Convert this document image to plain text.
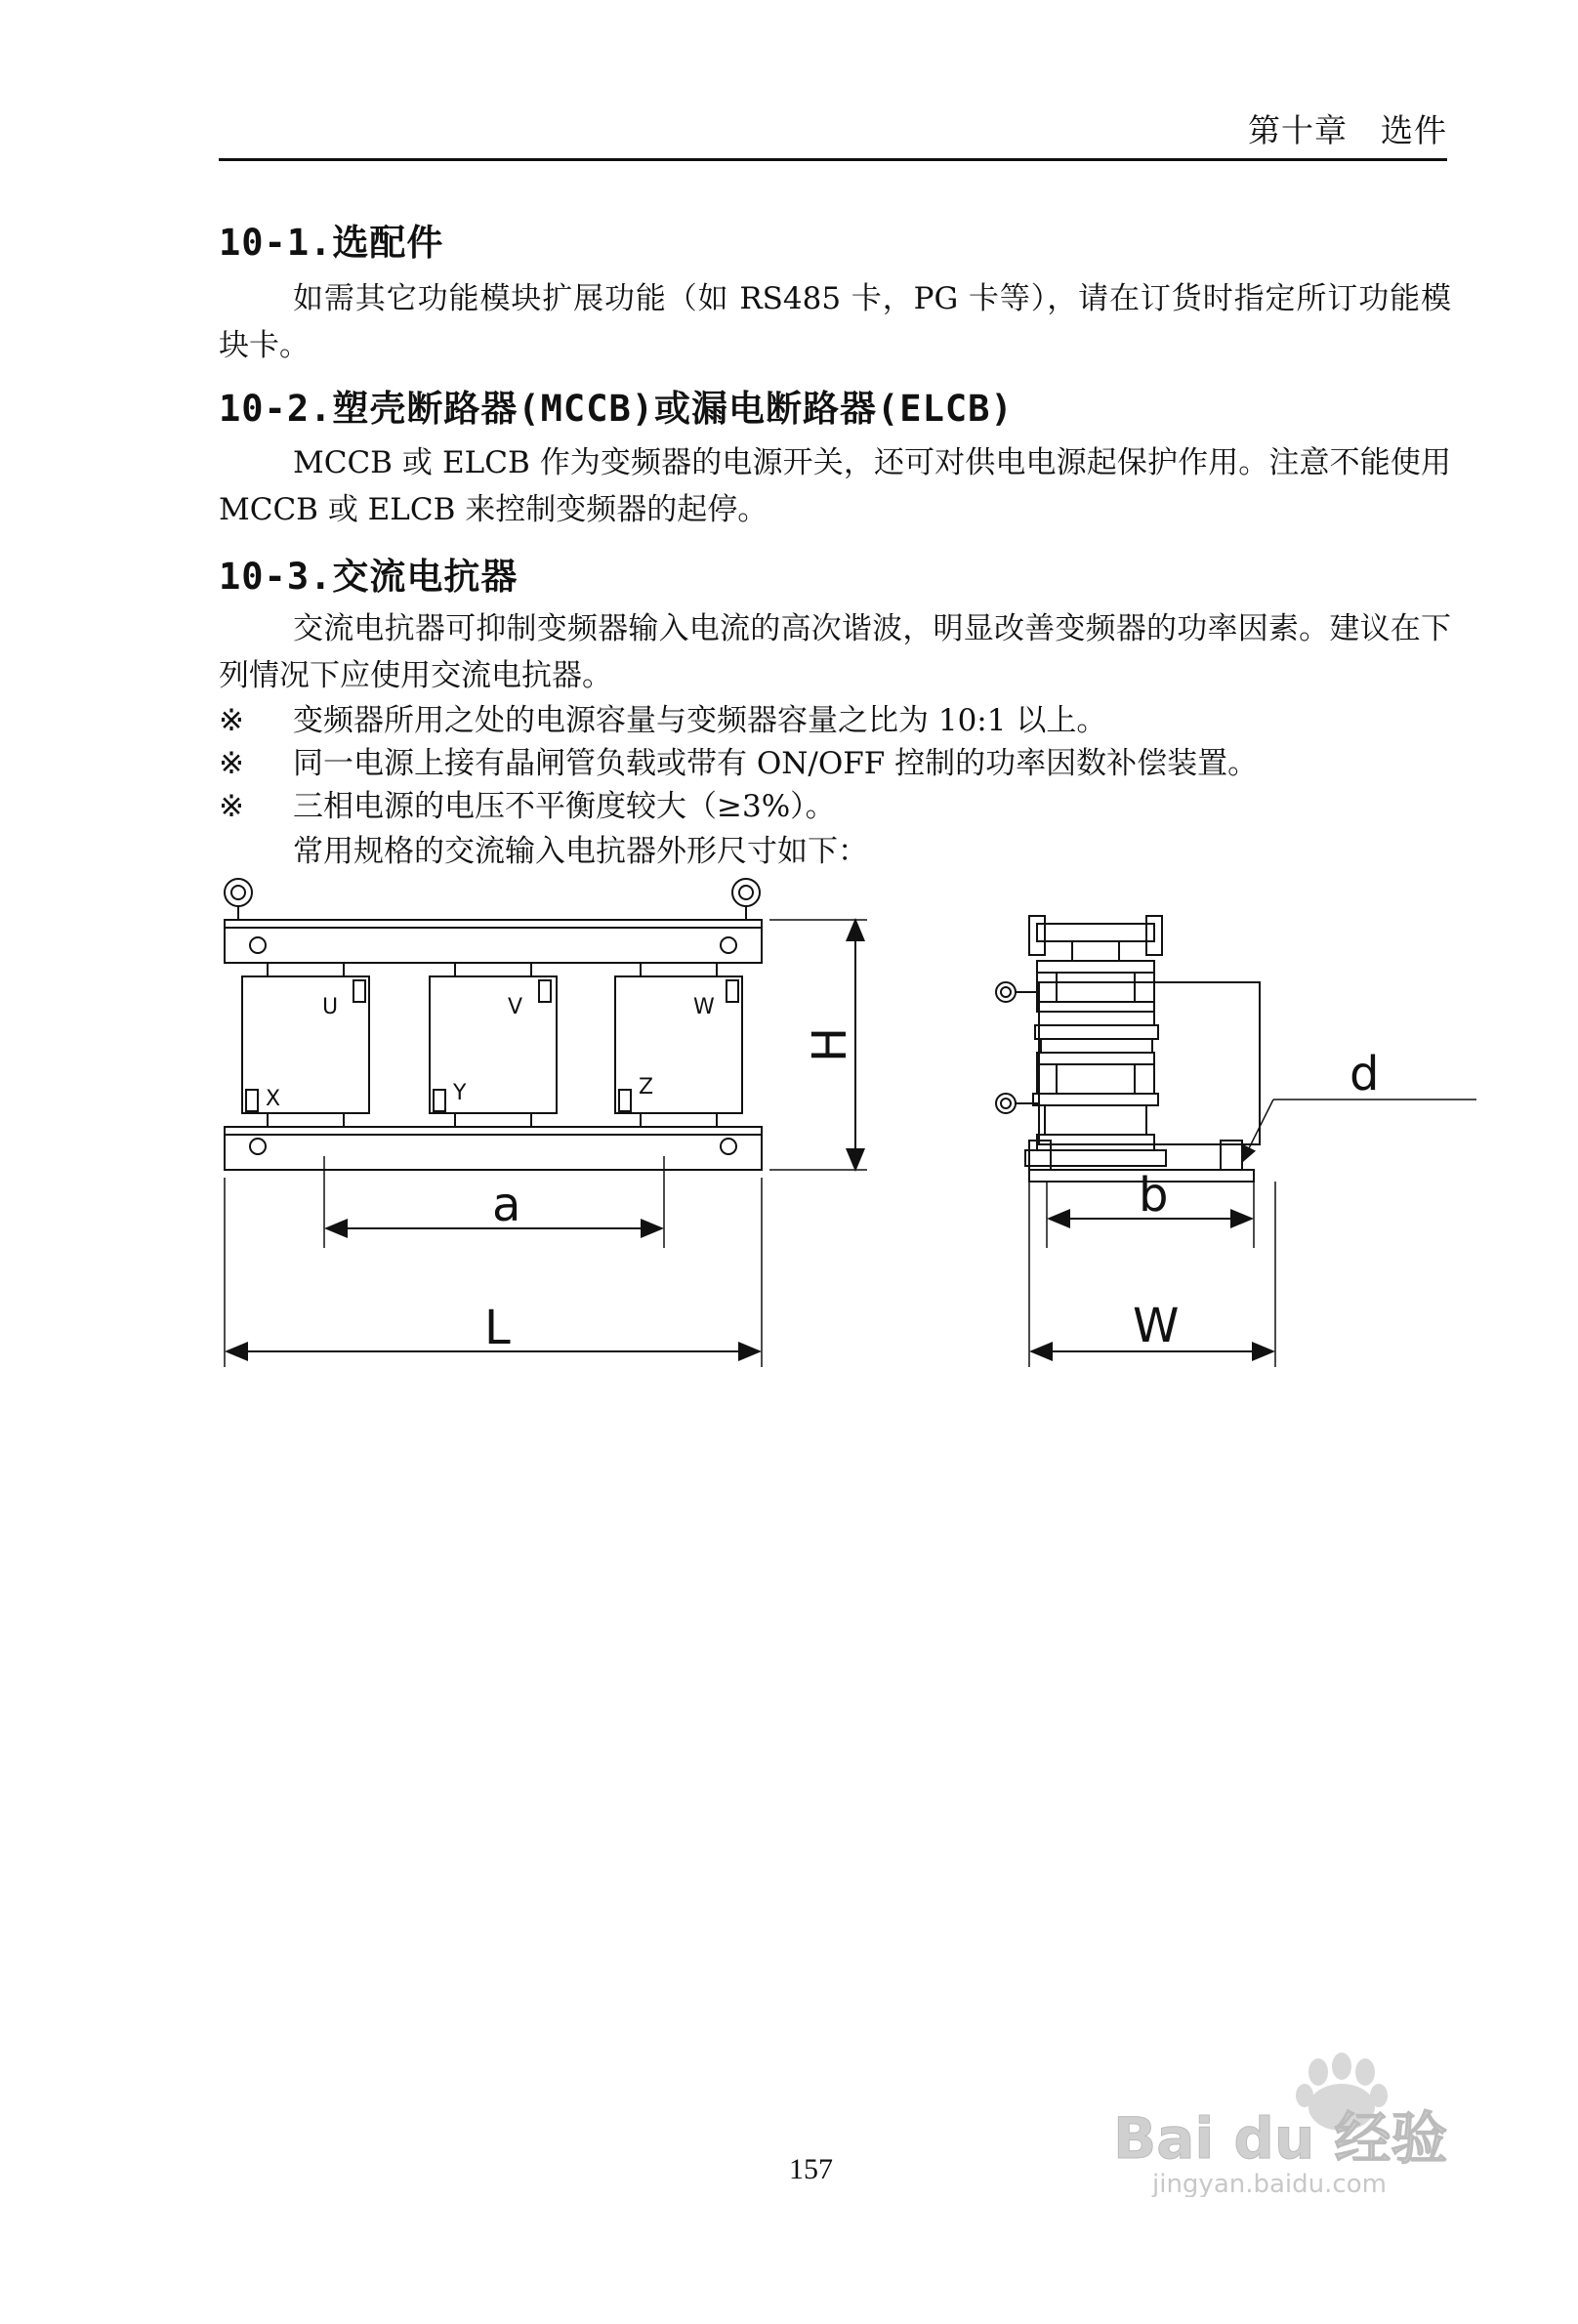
第十章　选件
10-1.选配件

如需其它功能模块扩展功能（如 RS485 卡，PG 卡等），请在订货时指定所订功能模块卡。

10-2.塑壳断路器(MCCB)或漏电断路器(ELCB)

MCCB 或 ELCB 作为变频器的电源开关，还可对供电电源起保护作用。注意不能使用 MCCB 或 ELCB 来控制变频器的起停。

10-3.交流电抗器

交流电抗器可抑制变频器输入电流的高次谐波，明显改善变频器的功率因素。建议在下列情况下应使用交流电抗器。

※	变频器所用之处的电源容量与变频器容量之比为 10:1 以上。
※	同一电源上接有晶闸管负载或带有 ON/OFF 控制的功率因数补偿装置。
※	三相电源的电压不平衡度较大（≥3%）。

常用规格的交流输入电抗器外形尺寸如下：

U	V	W
X	Y	Z
a
L
H
b
W
d
157	Bai du 经验
jingyan.baidu.com
